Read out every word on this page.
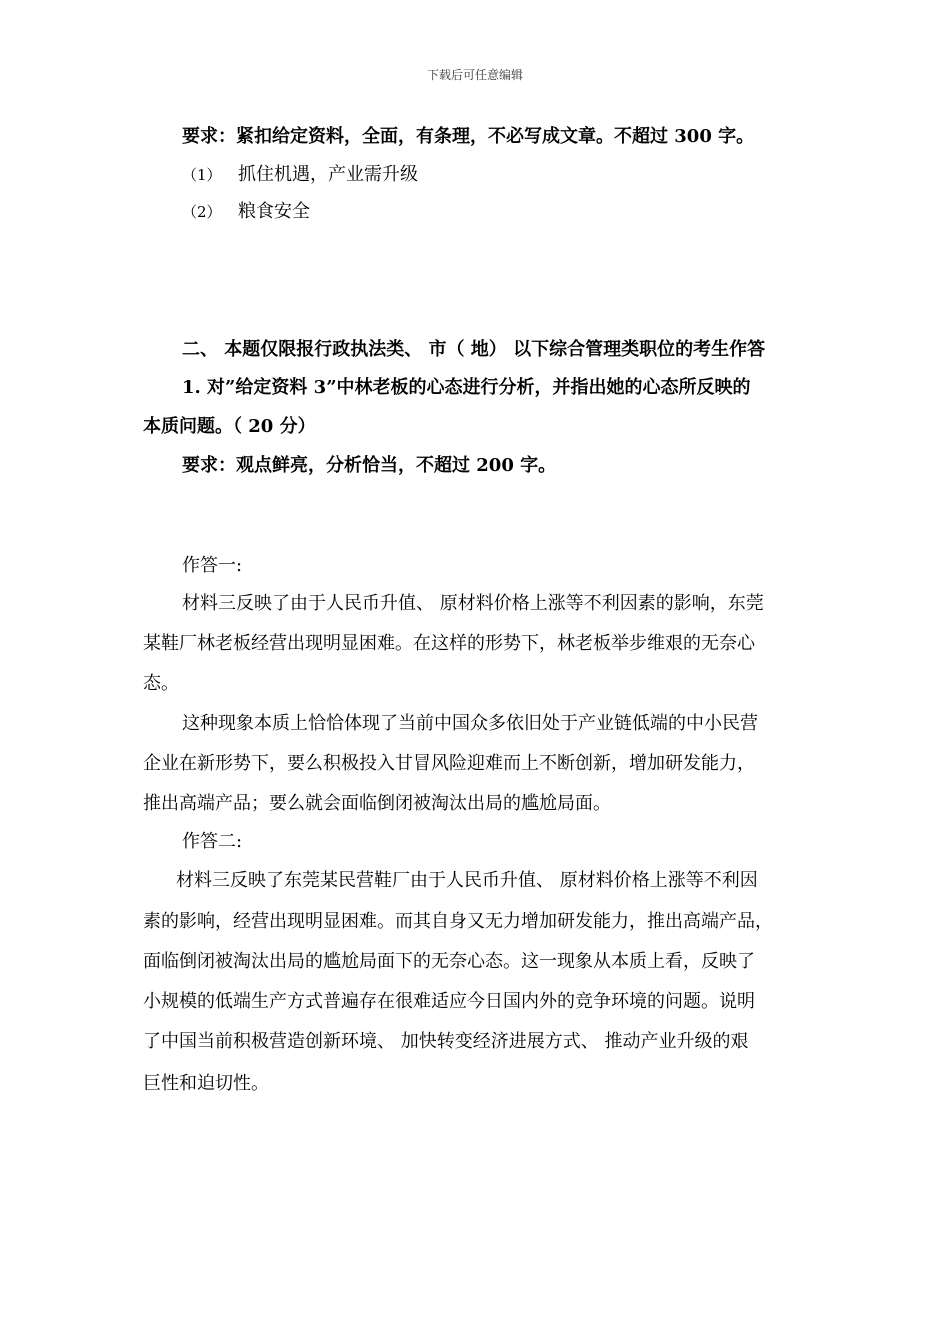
下载后可任意编辑
要求：紧扣给定资料，全面，有条理，不必写成文章。不超过 300 字。
（1） 抓住机遇，产业需升级
（2） 粮食安全
二、 本题仅限报行政执法类、 市（ 地） 以下综合管理类职位的考生作答
1. 对”给定资料 3”中林老板的心态进行分析，并指出她的心态所反映的
本质问题。（ 20 分）
要求：观点鲜亮，分析恰当，不超过 200 字。
作答一:
材料三反映了由于人民币升值、 原材料价格上涨等不利因素的影响，东莞
某鞋厂林老板经营出现明显困难。在这样的形势下，林老板举步维艰的无奈心
态。
这种现象本质上恰恰体现了当前中国众多依旧处于产业链低端的中小民营
企业在新形势下，要么积极投入甘冒风险迎难而上不断创新，增加研发能力，
推出高端产品；要么就会面临倒闭被淘汰出局的尴尬局面。
作答二:
材料三反映了东莞某民营鞋厂由于人民币升值、 原材料价格上涨等不利因
素的影响，经营出现明显困难。而其自身又无力增加研发能力，推出高端产品，
面临倒闭被淘汰出局的尴尬局面下的无奈心态。这一现象从本质上看，反映了
小规模的低端生产方式普遍存在很难适应今日国内外的竞争环境的问题。说明
了中国当前积极营造创新环境、 加快转变经济进展方式、 推动产业升级的艰
巨性和迫切性。
